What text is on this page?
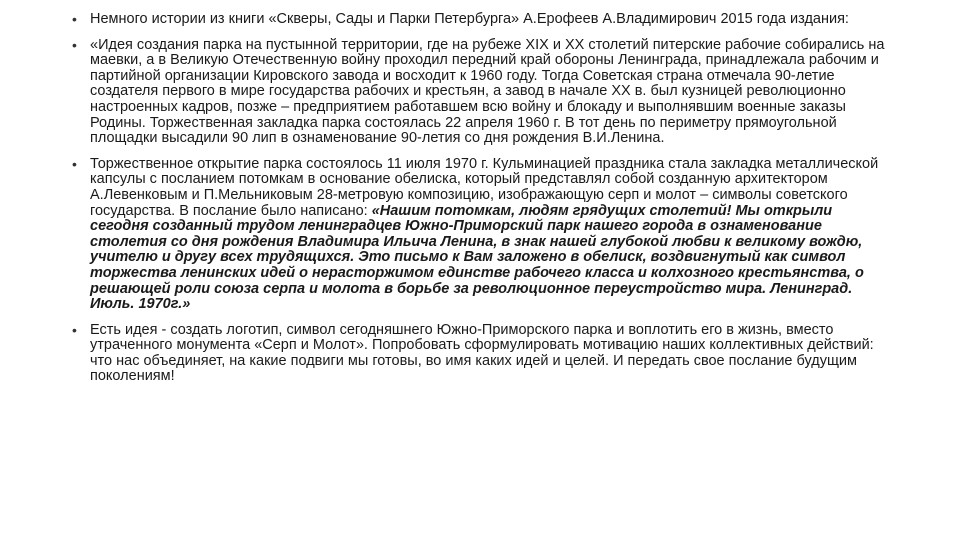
• Немного истории из книги «Скверы, Сады и Парки Петербурга» А.Ерофеев А.Владимирович 2015 года издания:
• «Идея создания парка на пустынной территории, где на рубеже XIX и XX столетий питерские рабочие собирались на маевки, а в Великую Отечественную войну проходил передний край обороны Ленинграда, принадлежала рабочим и партийной организации Кировского завода и восходит к 1960 году. Тогда Советская страна отмечала 90-летие создателя первого в мире государства рабочих и крестьян, а завод в начале ХХ в. был кузницей революционно настроенных кадров, позже – предприятием работавшем всю войну и блокаду и выполнявшим военные заказы Родины. Торжественная закладка парка состоялась 22 апреля 1960 г. В тот день по периметру прямоугольной площадки высадили 90 лип в ознаменование 90-летия со дня рождения В.И.Ленина.
• Торжественное открытие парка состоялось 11 июля 1970 г. Кульминацией праздника стала закладка металлической капсулы с посланием потомкам в основание обелиска, который представлял собой созданную архитектором А.Левенковым и П.Мельниковым 28-метровую композицию, изображающую серп и молот – символы советского государства. В послание было написано: «Нашим потомкам, людям грядущих столетий! Мы открыли сегодня созданный трудом ленинградцев Южно-Приморский парк нашего города в ознаменование столетия со дня рождения Владимира Ильича Ленина, в знак нашей глубокой любви к великому вождю, учителю и другу всех трудящихся. Это письмо к Вам заложено в обелиск, воздвигнутый как символ торжества ленинских идей о нерасторжимом единстве рабочего класса и колхозного крестьянства, о решающей роли союза серпа и молота в борьбе за революционное переустройство мира. Ленинград. Июль. 1970г.»
• Есть идея - создать логотип, символ сегодняшнего Южно-Приморского парка и воплотить его в жизнь, вместо утраченного монумента «Серп и Молот». Попробовать сформулировать мотивацию наших коллективных действий: что нас объединяет, на какие подвиги мы готовы, во имя каких идей и целей. И передать свое послание будущим поколениям!
